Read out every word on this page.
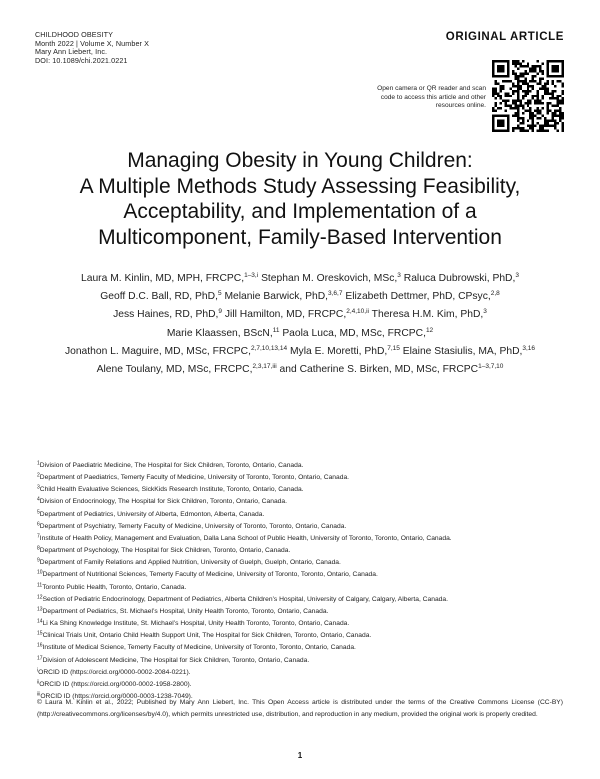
CHILDHOOD OBESITY
Month 2022 | Volume X, Number X
Mary Ann Liebert, Inc.
DOI: 10.1089/chi.2021.0221
ORIGINAL ARTICLE
Open camera or QR reader and scan code to access this article and other resources online.
Managing Obesity in Young Children:
A Multiple Methods Study Assessing Feasibility,
Acceptability, and Implementation of a
Multicomponent, Family-Based Intervention
Laura M. Kinlin, MD, MPH, FRCPC,$^{1-3,i}$ Stephan M. Oreskovich, MSc,$^3$ Raluca Dubrowski, PhD,$^3$
Geoff D.C. Ball, RD, PhD,$^5$ Melanie Barwick, PhD,$^{3,6,7}$ Elizabeth Dettmer, PhD, CPsyc,$^{2,8}$
Jess Haines, RD, PhD,$^9$ Jill Hamilton, MD, FRCPC,$^{2,4,10,ii}$ Theresa H.M. Kim, PhD,$^3$
Marie Klaassen, BScN,$^{11}$ Paola Luca, MD, MSc, FRCPC,$^{12}$
Jonathon L. Maguire, MD, MSc, FRCPC,$^{2,7,10,13,14}$ Myla E. Moretti, PhD,$^{7,15}$ Elaine Stasiulis, MA, PhD,$^{3,16}$
Alene Toulany, MD, MSc, FRCPC,$^{2,3,17,iii}$ and Catherine S. Birken, MD, MSc, FRCPC$^{1-3,7,10}$
$^1$Division of Paediatric Medicine, The Hospital for Sick Children, Toronto, Ontario, Canada.
$^2$Department of Paediatrics, Temerty Faculty of Medicine, University of Toronto, Toronto, Ontario, Canada.
$^3$Child Health Evaluative Sciences, SickKids Research Institute, Toronto, Ontario, Canada.
$^4$Division of Endocrinology, The Hospital for Sick Children, Toronto, Ontario, Canada.
$^5$Department of Pediatrics, University of Alberta, Edmonton, Alberta, Canada.
$^6$Department of Psychiatry, Temerty Faculty of Medicine, University of Toronto, Toronto, Ontario, Canada.
$^7$Institute of Health Policy, Management and Evaluation, Dalla Lana School of Public Health, University of Toronto, Toronto, Ontario, Canada.
$^8$Department of Psychology, The Hospital for Sick Children, Toronto, Ontario, Canada.
$^9$Department of Family Relations and Applied Nutrition, University of Guelph, Guelph, Ontario, Canada.
$^{10}$Department of Nutritional Sciences, Temerty Faculty of Medicine, University of Toronto, Toronto, Ontario, Canada.
$^{11}$Toronto Public Health, Toronto, Ontario, Canada.
$^{12}$Section of Pediatric Endocrinology, Department of Pediatrics, Alberta Children’s Hospital, University of Calgary, Calgary, Alberta, Canada.
$^{13}$Department of Pediatrics, St. Michael’s Hospital, Unity Health Toronto, Toronto, Ontario, Canada.
$^{14}$Li Ka Shing Knowledge Institute, St. Michael’s Hospital, Unity Health Toronto, Toronto, Ontario, Canada.
$^{15}$Clinical Trials Unit, Ontario Child Health Support Unit, The Hospital for Sick Children, Toronto, Ontario, Canada.
$^{16}$Institute of Medical Science, Temerty Faculty of Medicine, University of Toronto, Toronto, Ontario, Canada.
$^{17}$Division of Adolescent Medicine, The Hospital for Sick Children, Toronto, Ontario, Canada.
$^i$ORCID ID (https://orcid.org/0000-0002-2084-0221).
$^{ii}$ORCID ID (https://orcid.org/0000-0002-1958-2800).
$^{iii}$ORCID ID (https://orcid.org/0000-0003-1238-7049).
© Laura M. Kinlin et al., 2022; Published by Mary Ann Liebert, Inc. This Open Access article is distributed under the terms of the Creative Commons License (CC-BY) (http://creativecommons.org/licenses/by/4.0), which permits unrestricted use, distribution, and reproduction in any medium, provided the original work is properly credited.
1
